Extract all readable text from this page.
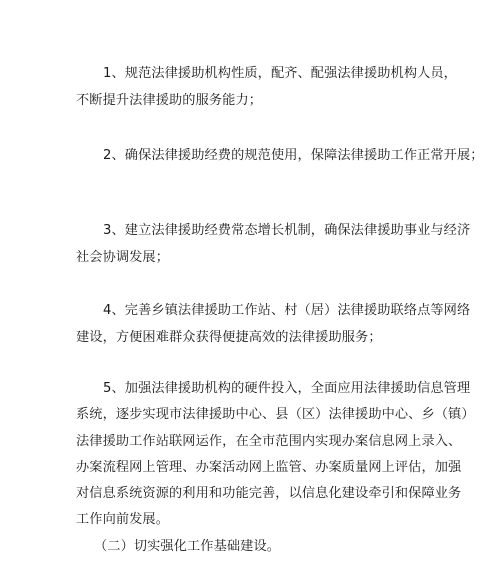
1、规范法律援助机构性质，配齐、配强法律援助机构人员，
不断提升法律援助的服务能力；
2、确保法律援助经费的规范使用，保障法律援助工作正常开展；
3、建立法律援助经费常态增长机制，确保法律援助事业与经济
社会协调发展；
4、完善乡镇法律援助工作站、村（居）法律援助联络点等网络
建设，方便困难群众获得便捷高效的法律援助服务；
5、加强法律援助机构的硬件投入，全面应用法律援助信息管理
系统，逐步实现市法律援助中心、县（区）法律援助中心、乡（镇）
法律援助工作站联网运作，在全市范围内实现办案信息网上录入、
办案流程网上管理、办案活动网上监管、办案质量网上评估，加强
对信息系统资源的利用和功能完善，以信息化建设牵引和保障业务
工作向前发展。
（二）切实强化工作基础建设。
